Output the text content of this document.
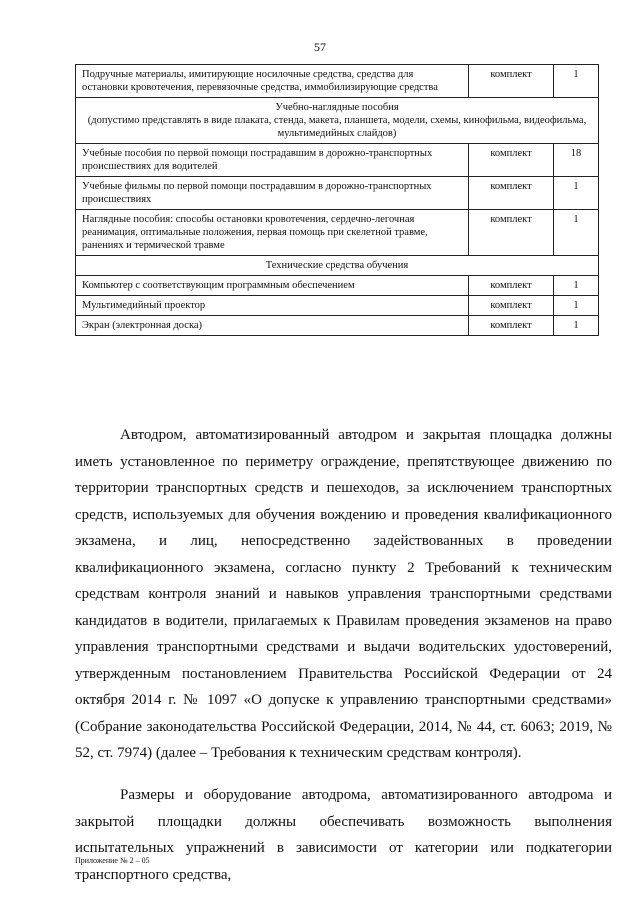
57
Подручные материалы, имитирующие носилочные средства, средства для остановки кровотечения, перевязочные средства, иммобилизирующие средства	комплект	1

Учебно-наглядные пособия
(допустимо представлять в виде плаката, стенда, макета, планшета, модели, схемы, кинофильма, видеофильма, мультимедийных слайдов)		

Учебные пособия по первой помощи пострадавшим в дорожно-транспортных происшествиях для водителей	комплект	18
Учебные фильмы по первой помощи пострадавшим в дорожно-транспортных происшествиях	комплект	1
Наглядные пособия: способы остановки кровотечения, сердечно-легочная реанимация, оптимальные положения, первая помощь при скелетной травме, ранениях и термической травме	комплект	1
Технические средства обучения		
Компьютер с соответствующим программным обеспечением	комплект	1
Мультимедийный проектор	комплект	1
Экран (электронная доска)	комплект	1

Автодром, автоматизированный автодром и закрытая площадка должны иметь установленное по периметру ограждение, препятствующее движению по территории транспортных средств и пешеходов, за исключением транспортных средств, используемых для обучения вождению и проведения квалификационного экзамена, и лиц, непосредственно задействованных в проведении квалификационного экзамена, согласно пункту 2 Требований к техническим средствам контроля знаний и навыков управления транспортными средствами кандидатов в водители, прилагаемых к Правилам проведения экзаменов на право управления транспортными средствами и выдачи водительских удостоверений, утвержденным постановлением Правительства Российской Федерации от 24 октября 2014 г. № 1097 «О допуске к управлению транспортными средствами» (Собрание законодательства Российской Федерации, 2014, № 44, ст. 6063; 2019, № 52, ст. 7974) (далее – Требования к техническим средствам контроля).

Размеры и оборудование автодрома, автоматизированного автодрома и закрытой площадки должны обеспечивать возможность выполнения испытательных упражнений в зависимости от категории или подкатегории транспортного средства,

Приложение № 2 – 05
